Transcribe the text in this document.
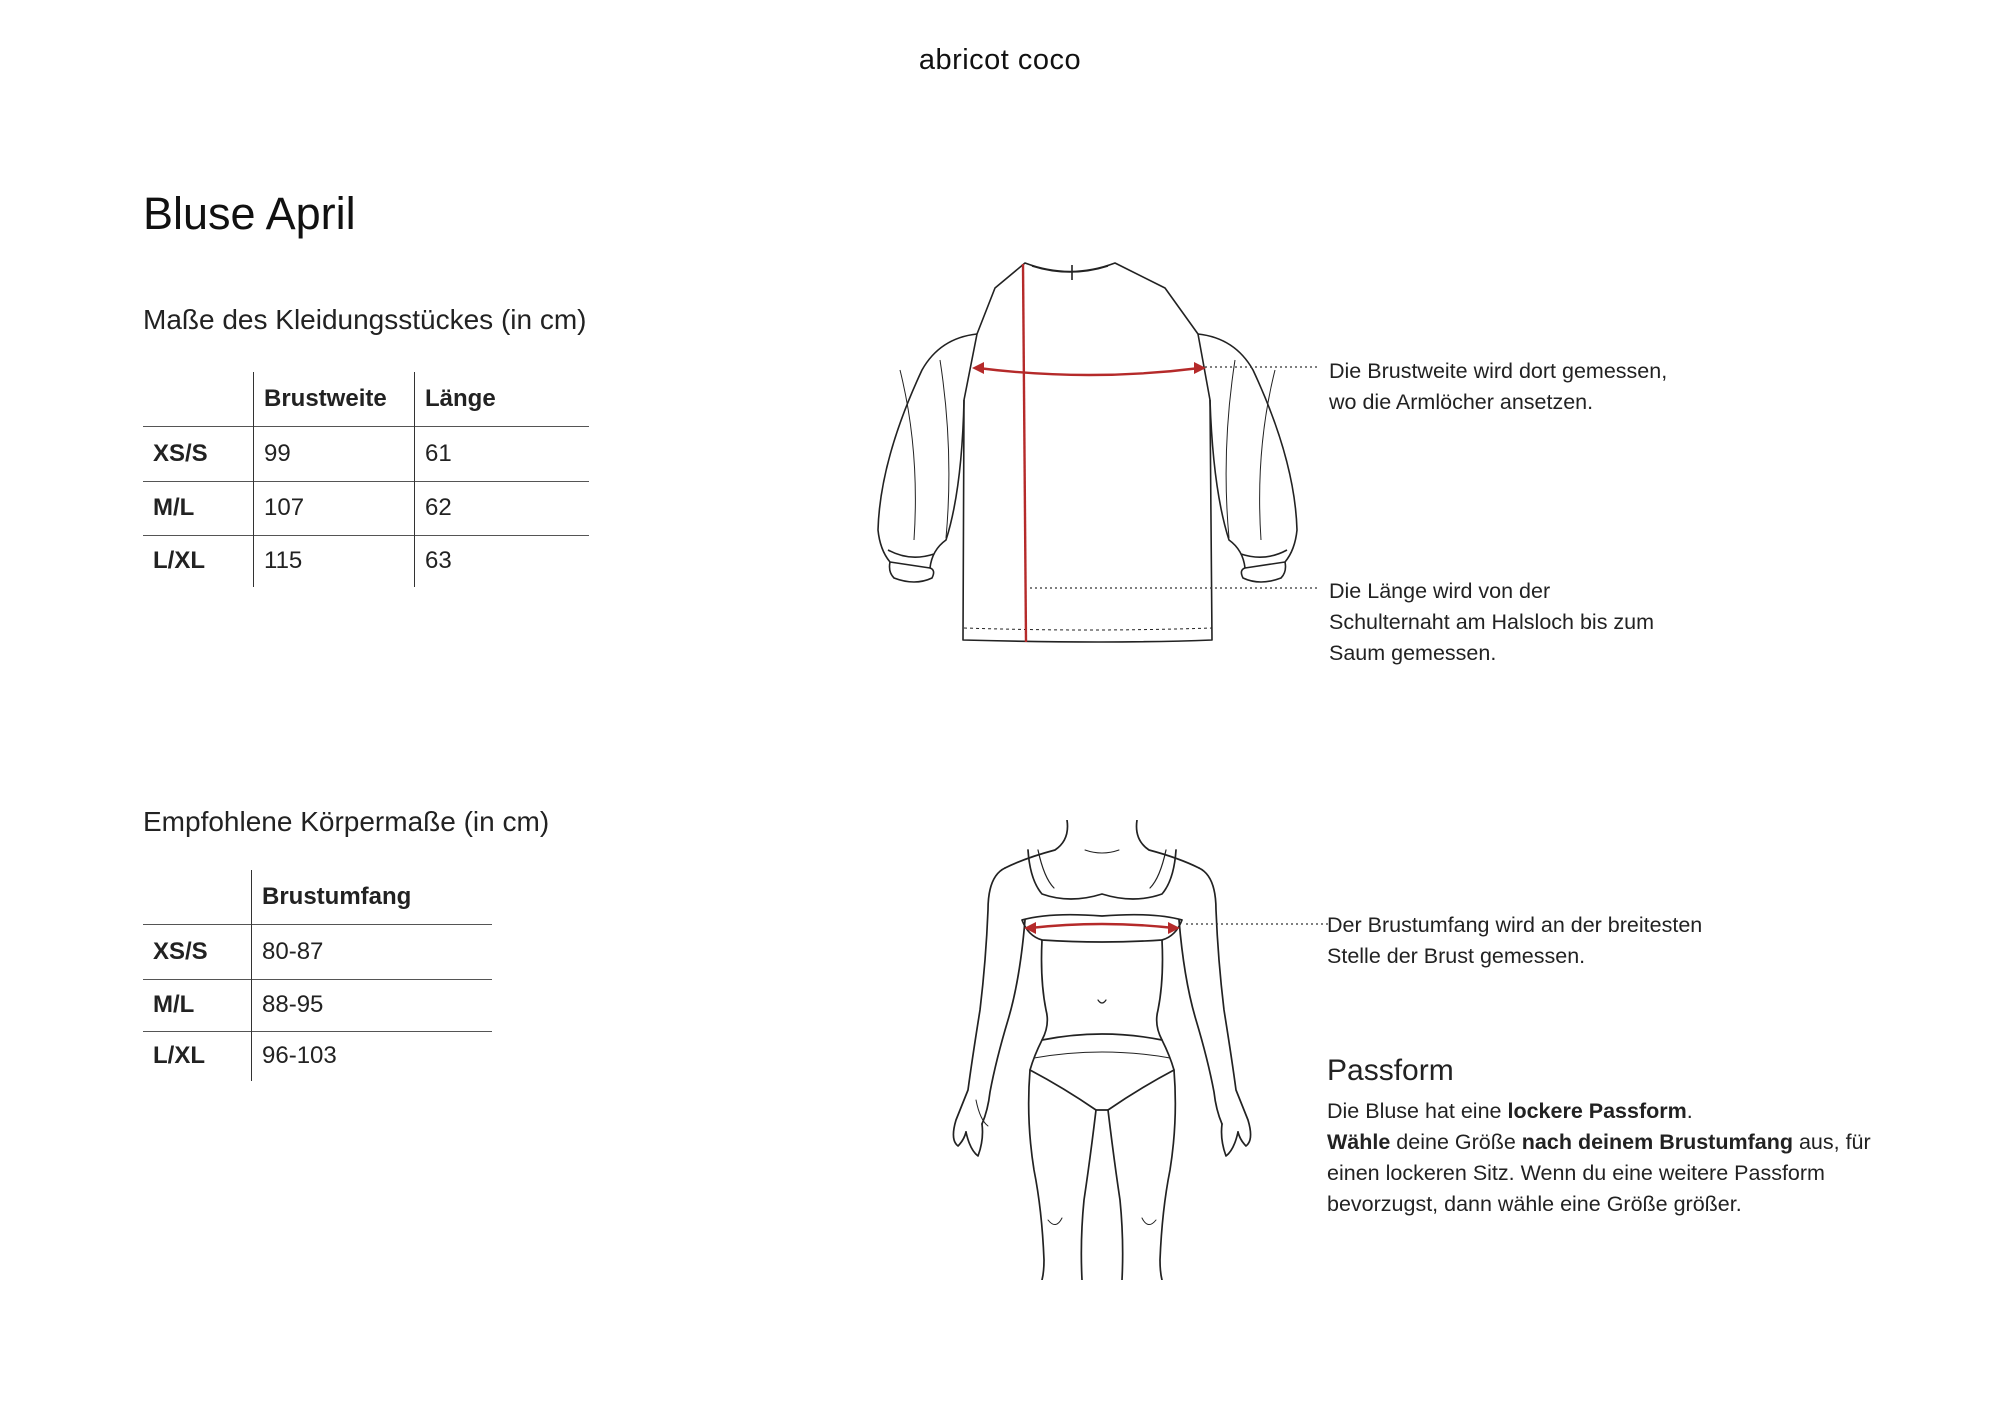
abricot coco
Bluse April
Maße des Kleidungsstückes (in cm)
	Brustweite	Länge
XS/S	99	61
M/L	107	62
L/XL	115	63
Die Brustweite wird dort gemessen,
wo die Armlöcher ansetzen.
Die Länge wird von der
Schulternaht am Halsloch bis zum
Saum gemessen.
Empfohlene Körpermaße (in cm)
	Brustumfang
XS/S	80-87
M/L	88-95
L/XL	96-103
Der Brustumfang wird an der breitesten
Stelle der Brust gemessen.
Passform
Die Bluse hat eine lockere Passform.
Wähle deine Größe nach deinem Brustumfang aus, für
einen lockeren Sitz. Wenn du eine weitere Passform
bevorzugst, dann wähle eine Größe größer.
